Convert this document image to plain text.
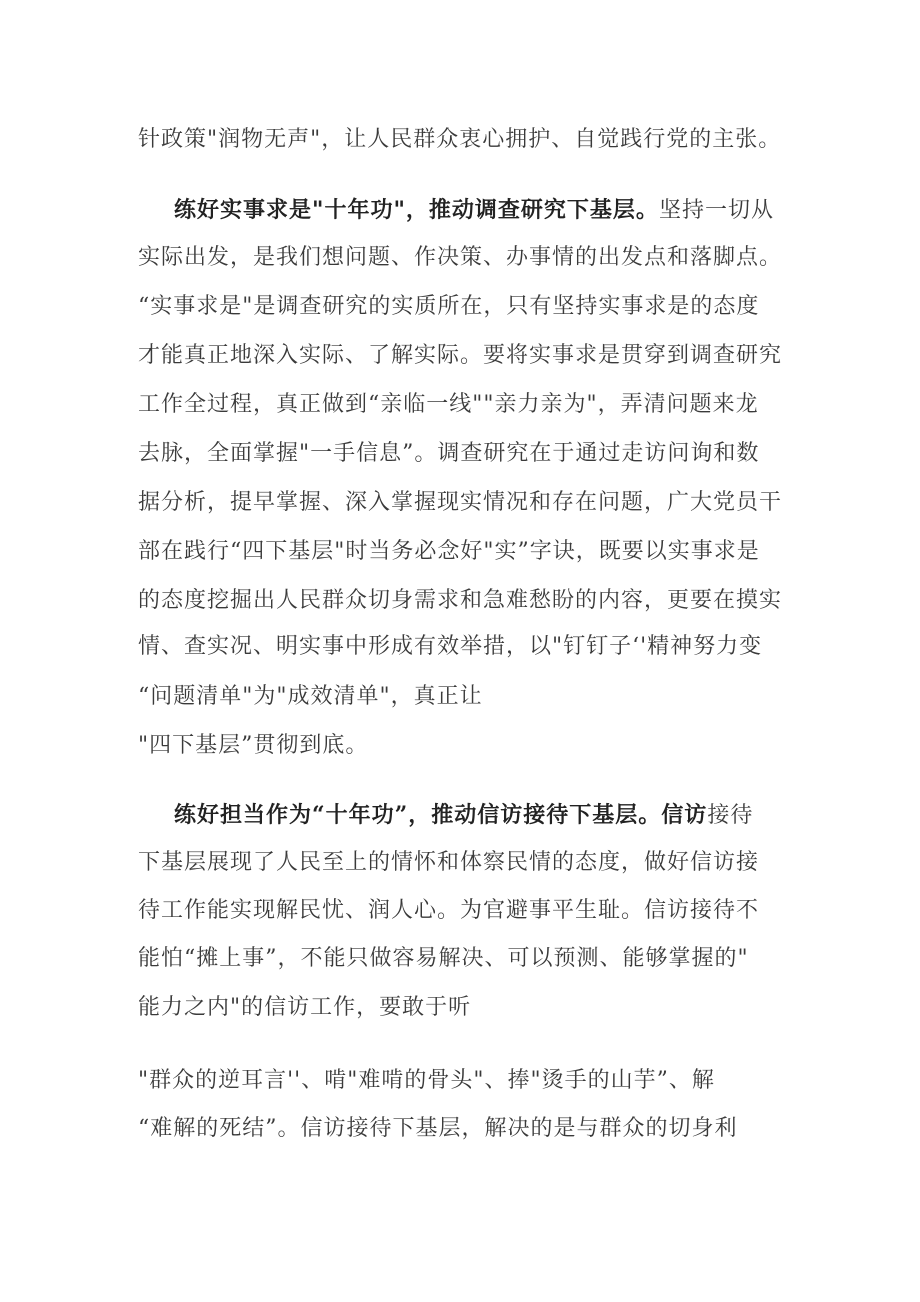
针政策"润物无声"，让人民群众衷心拥护、自觉践行党的主张。
练好实事求是"十年功"，推动调查研究下基层。坚持一切从
实际出发，是我们想问题、作决策、办事情的出发点和落脚点。
“实事求是"是调查研究的实质所在，只有坚持实事求是的态度
才能真正地深入实际、了解实际。要将实事求是贯穿到调查研究
工作全过程，真正做到“亲临一线""亲力亲为"，弄清问题来龙
去脉，全面掌握"一手信息”。调查研究在于通过走访问询和数
据分析，提早掌握、深入掌握现实情况和存在问题，广大党员干
部在践行“四下基层"时当务必念好"实”字诀，既要以实事求是
的态度挖掘出人民群众切身需求和急难愁盼的内容，更要在摸实
情、查实况、明实事中形成有效举措，以"钉钉子‘'精神努力变
“问题清单"为"成效清单"，真正让
"四下基层”贯彻到底。
练好担当作为“十年功”，推动信访接待下基层。信访接待
下基层展现了人民至上的情怀和体察民情的态度，做好信访接
待工作能实现解民忧、润人心。为官避事平生耻。信访接待不
能怕“摊上事”，不能只做容易解决、可以预测、能够掌握的"
能力之内"的信访工作，要敢于听
"群众的逆耳言''、啃"难啃的骨头"、捧"烫手的山芋”、解
“难解的死结”。信访接待下基层，解决的是与群众的切身利
